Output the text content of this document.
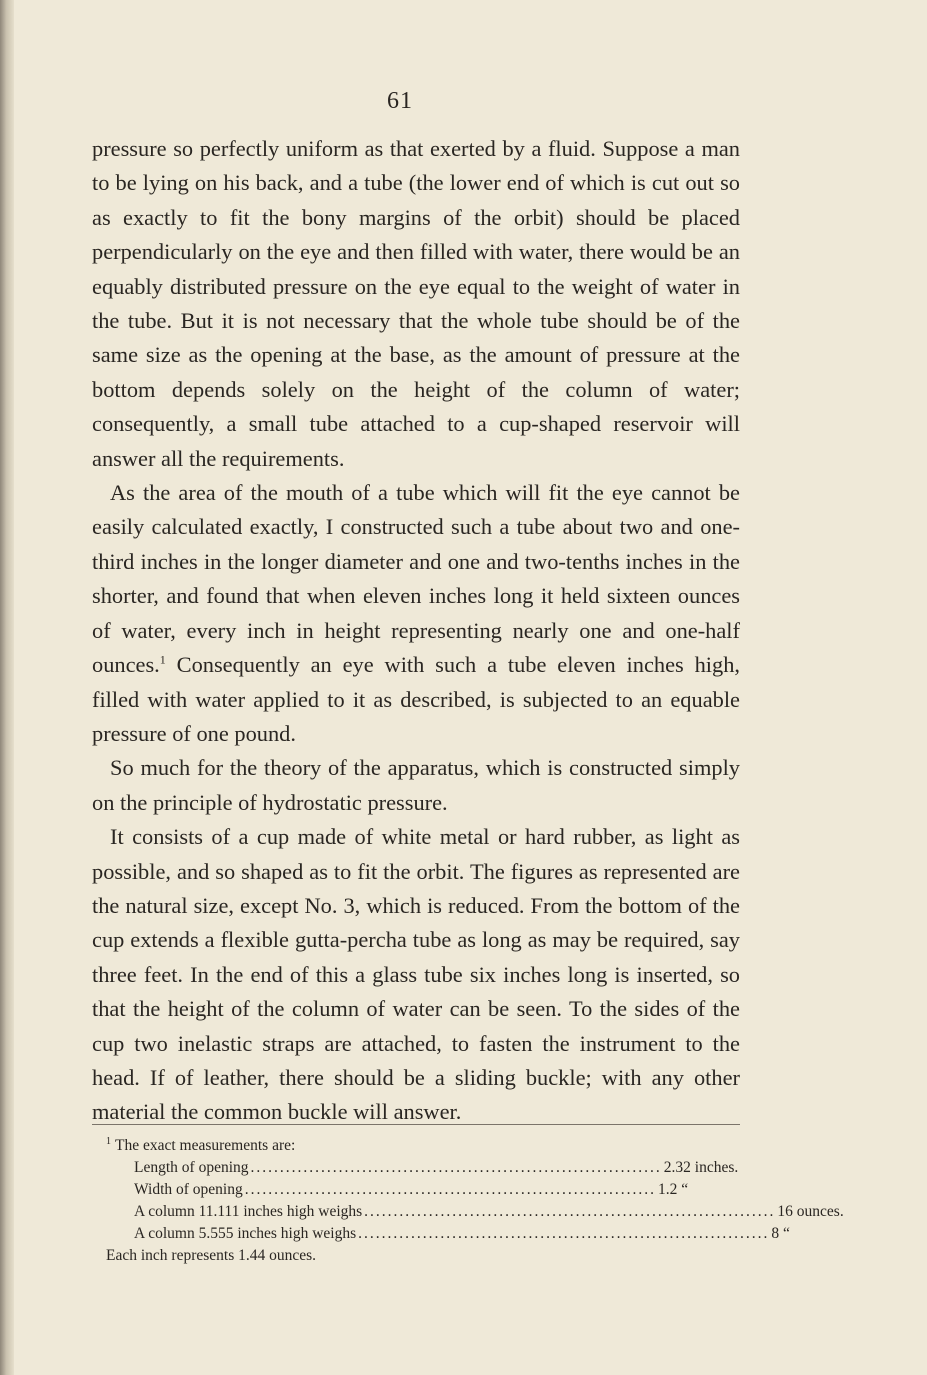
61

pressure so perfectly uniform as that exerted by a fluid. Suppose a man to be lying on his back, and a tube (the lower end of which is cut out so as exactly to fit the bony margins of the orbit) should be placed perpendicularly on the eye and then filled with water, there would be an equably distributed pressure on the eye equal to the weight of water in the tube. But it is not necessary that the whole tube should be of the same size as the opening at the base, as the amount of pressure at the bottom depends solely on the height of the column of water; consequently, a small tube attached to a cup-shaped reservoir will answer all the requirements.

As the area of the mouth of a tube which will fit the eye cannot be easily calculated exactly, I constructed such a tube about two and one-third inches in the longer diameter and one and two-tenths inches in the shorter, and found that when eleven inches long it held sixteen ounces of water, every inch in height representing nearly one and one-half ounces.$^1$ Consequently an eye with such a tube eleven inches high, filled with water applied to it as described, is subjected to an equable pressure of one pound.

So much for the theory of the apparatus, which is constructed simply on the principle of hydrostatic pressure.

It consists of a cup made of white metal or hard rubber, as light as possible, and so shaped as to fit the orbit. The figures as represented are the natural size, except No. 3, which is reduced. From the bottom of the cup extends a flexible gutta-percha tube as long as may be required, say three feet. In the end of this a glass tube six inches long is inserted, so that the height of the column of water can be seen. To the sides of the cup two inelastic straps are attached, to fasten the instrument to the head. If of leather, there should be a sliding buckle; with any other material the common buckle will answer.

$^1$ The exact measurements are:

Length of opening ...................................................................... 2.32 inches.
Width of opening ...................................................................... 1.2 “
A column 11.111 inches high weighs ...................................................................... 16 ounces.
A column 5.555 inches high weighs ...................................................................... 8 “

Each inch represents 1.44 ounces.
